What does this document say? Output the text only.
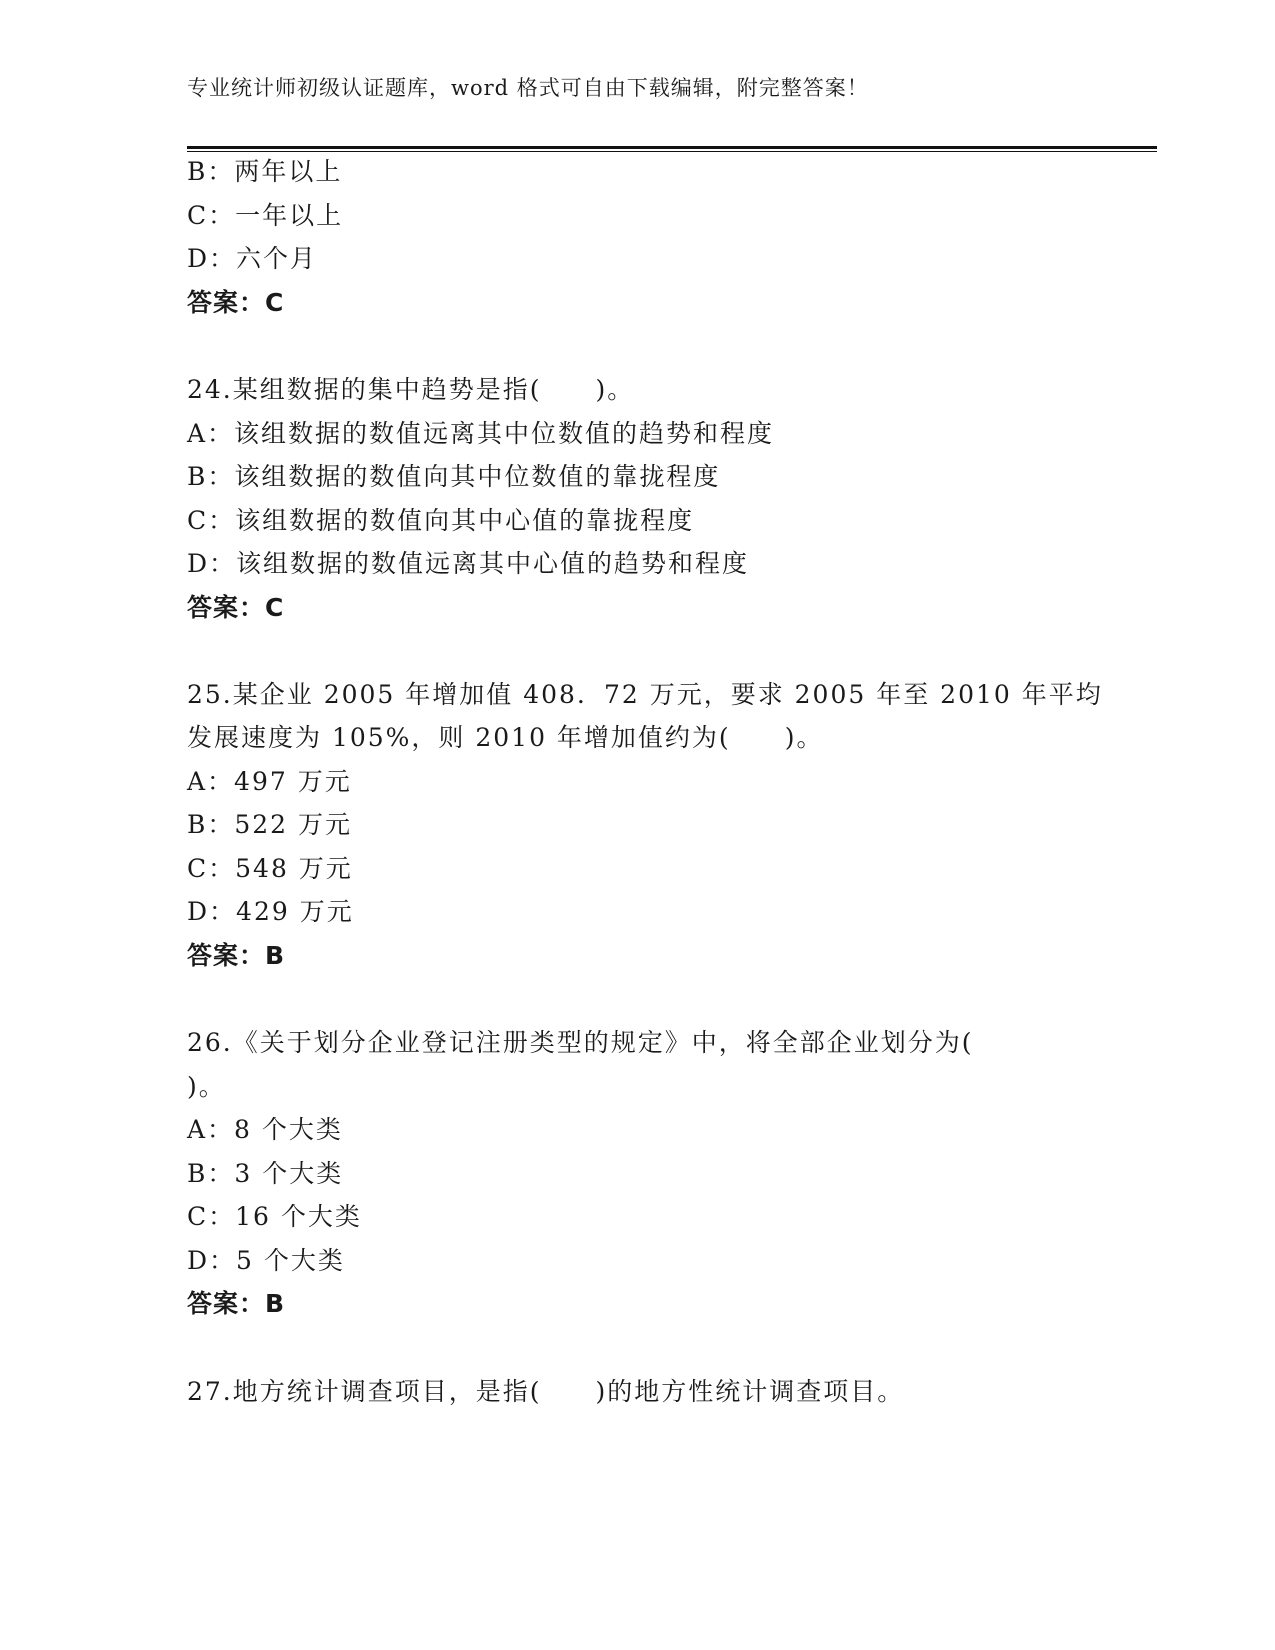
专业统计师初级认证题库，word 格式可自由下载编辑，附完整答案！
B：两年以上
C：一年以上
D：六个月
答案：C
24.某组数据的集中趋势是指(　　)。
A：该组数据的数值远离其中位数值的趋势和程度
B：该组数据的数值向其中位数值的靠拢程度
C：该组数据的数值向其中心值的靠拢程度
D：该组数据的数值远离其中心值的趋势和程度
答案：C
25.某企业 2005 年增加值 408．72 万元，要求 2005 年至 2010 年平均
发展速度为 105%，则 2010 年增加值约为(　　)。
A：497 万元
B：522 万元
C：548 万元
D：429 万元
答案：B
26.《关于划分企业登记注册类型的规定》中，将全部企业划分为(
)。
A：8 个大类
B：3 个大类
C：16 个大类
D：5 个大类
答案：B
27.地方统计调查项目，是指(　　)的地方性统计调查项目。
